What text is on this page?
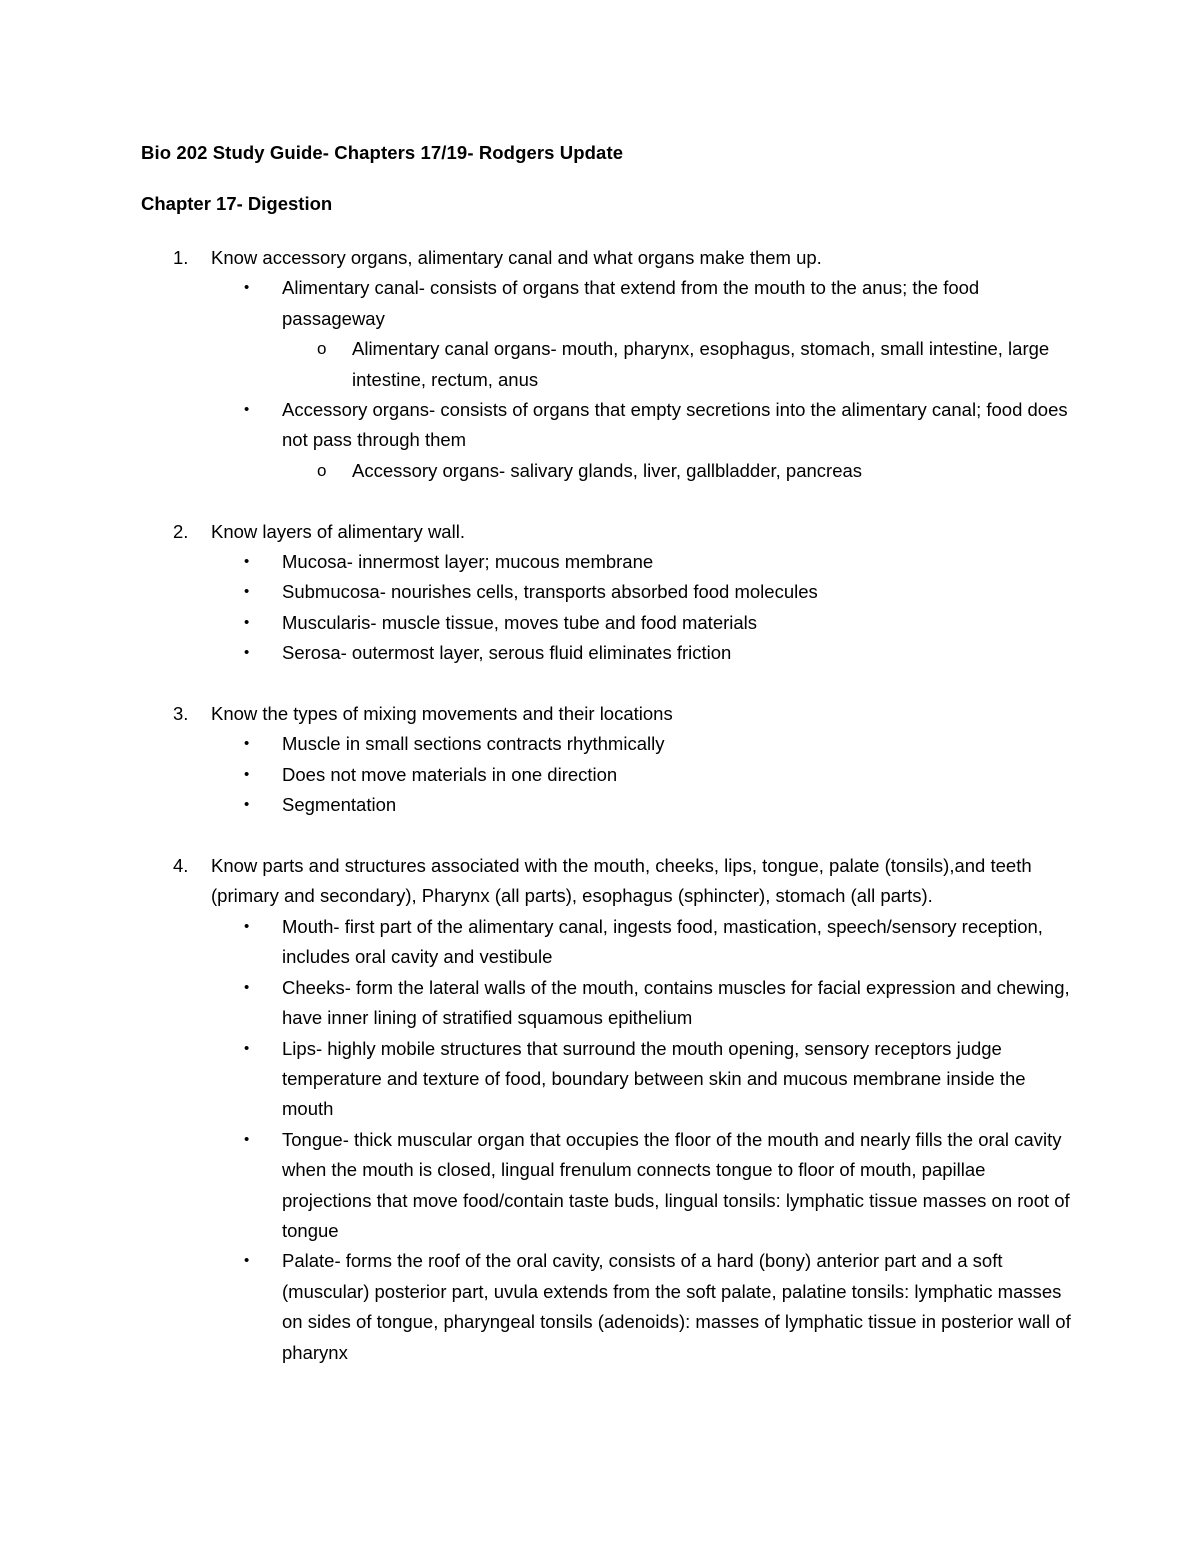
Bio 202 Study Guide- Chapters 17/19- Rodgers Update
Chapter 17- Digestion
1. Know accessory organs, alimentary canal and what organs make them up.
• Alimentary canal- consists of organs that extend from the mouth to the anus; the food passageway
o Alimentary canal organs- mouth, pharynx, esophagus, stomach, small intestine, large intestine, rectum, anus
• Accessory organs- consists of organs that empty secretions into the alimentary canal; food does not pass through them
o Accessory organs- salivary glands, liver, gallbladder, pancreas
2. Know layers of alimentary wall.
• Mucosa- innermost layer; mucous membrane
• Submucosa- nourishes cells, transports absorbed food molecules
• Muscularis- muscle tissue, moves tube and food materials
• Serosa- outermost layer, serous fluid eliminates friction
3. Know the types of mixing movements and their locations
• Muscle in small sections contracts rhythmically
• Does not move materials in one direction
• Segmentation
4. Know parts and structures associated with the mouth, cheeks, lips, tongue, palate (tonsils),and teeth (primary and secondary), Pharynx (all parts), esophagus (sphincter), stomach (all parts).
• Mouth- first part of the alimentary canal, ingests food, mastication, speech/sensory reception, includes oral cavity and vestibule
• Cheeks- form the lateral walls of the mouth, contains muscles for facial expression and chewing, have inner lining of stratified squamous epithelium
• Lips- highly mobile structures that surround the mouth opening, sensory receptors judge temperature and texture of food, boundary between skin and mucous membrane inside the mouth
• Tongue- thick muscular organ that occupies the floor of the mouth and nearly fills the oral cavity when the mouth is closed, lingual frenulum connects tongue to floor of mouth, papillae projections that move food/contain taste buds, lingual tonsils: lymphatic tissue masses on root of tongue
• Palate- forms the roof of the oral cavity, consists of a hard (bony) anterior part and a soft (muscular) posterior part, uvula extends from the soft palate, palatine tonsils: lymphatic masses on sides of tongue, pharyngeal tonsils (adenoids): masses of lymphatic tissue in posterior wall of pharynx
